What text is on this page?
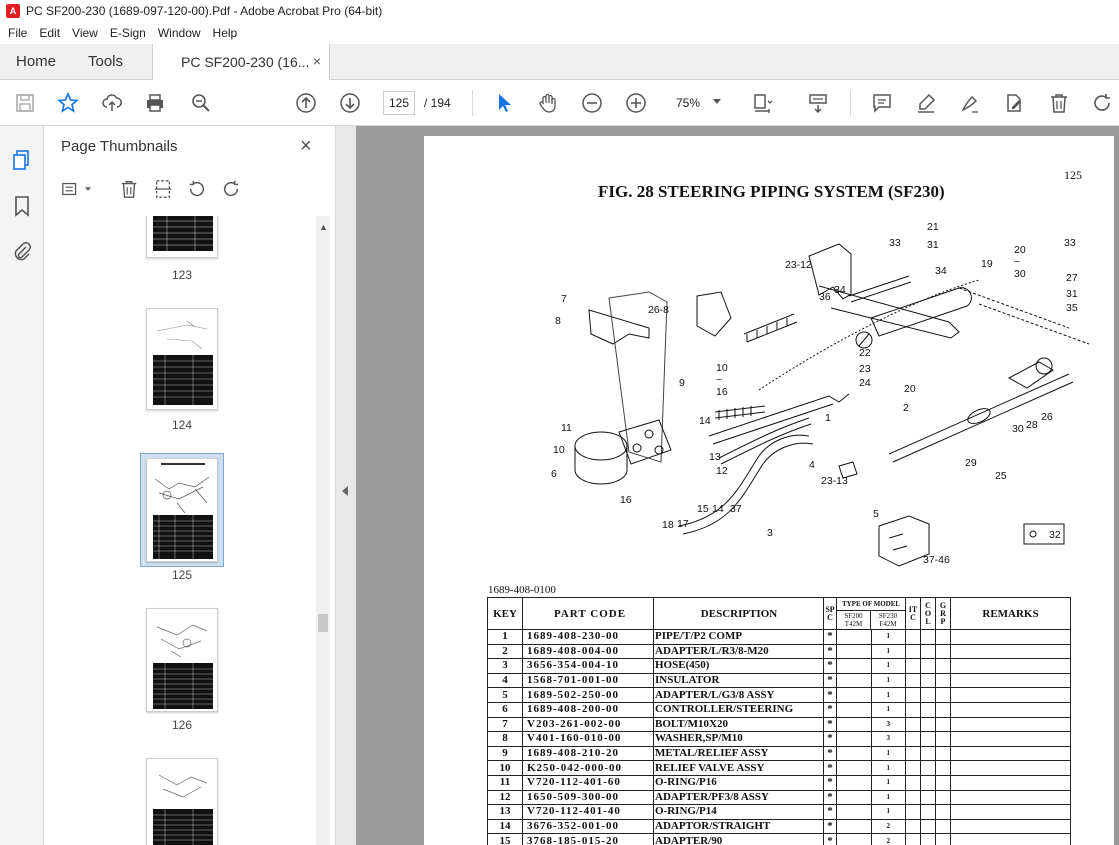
A PC SF200-230 (1689-097-120-00).Pdf - Adobe Acrobat Pro (64-bit)
File	Edit	View	E-Sign	Window	Help
Home Tools	PC SF200-230 (16... ×
125	/ 194	75%
Page Thumbnails	×
123
124
125
126
▲
FIG. 28 STEERING PIPING SYSTEM (SF230)
125
21
33	31
23-12
20
~
30
19
33
27
31
35
34
34
36
7
26-8
8
22
23
24	20
10
~
16
9
2
1	26
28
30
14
11
13
10
12	4	29
25
6
23-13
16
15 14 37	5
18 17
3
37-46
32
1689-408-0100
KEY	PART CODE	DESCRIPTION	SPC	TYPE OF MODEL
SF200
T42M
SF230
F42M		ITC	COL	GRP	REMARKS
1	1689-408-230-00	PIPE/T/P2 COMP	*		1				
2	1689-408-004-00	ADAPTER/L/R3/8-M20	*		1				
3	3656-354-004-10	HOSE(450)	*		1				
4	1568-701-001-00	INSULATOR	*		1				
5	1689-502-250-00	ADAPTER/L/G3/8 ASSY	*		1				
6	1689-408-200-00	CONTROLLER/STEERING	*		1				
7	V203-261-002-00	BOLT/M10X20	*		3				
8	V401-160-010-00	WASHER,SP/M10	*		3				
9	1689-408-210-20	METAL/RELIEF ASSY	*		1				
10	K250-042-000-00	RELIEF VALVE ASSY	*		1				
11	V720-112-401-60	O-RING/P16	*		1				
12	1650-509-300-00	ADAPTER/PF3/8 ASSY	*		1				
13	V720-112-401-40	O-RING/P14	*		1				
14	3676-352-001-00	ADAPTOR/STRAIGHT	*		2				
15	3768-185-015-20	ADAPTER/90	*		2				
